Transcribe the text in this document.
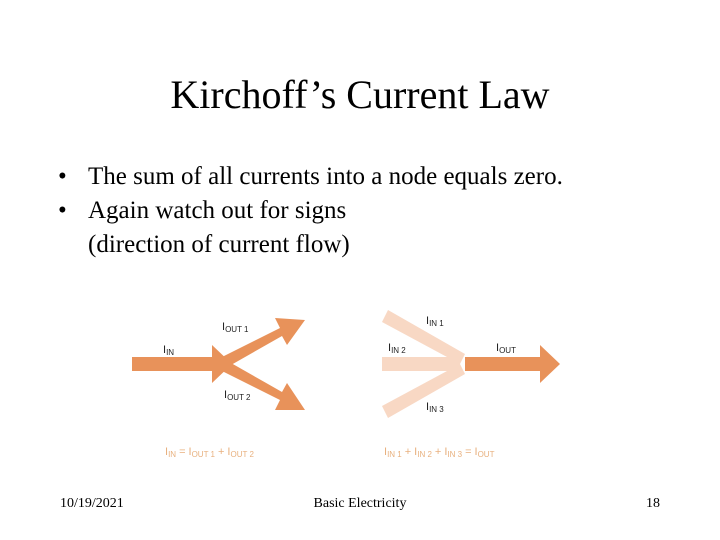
Kirchoff’s Current Law
• The sum of all currents into a node equals zero.
• Again watch out for signs
(direction of current flow)
IIN
IOUT 1
IOUT 2
IIN = IOUT 1 + IOUT 2
IIN 1
IIN 2
IIN 3
IOUT
IIN 1 + IIN 2 + IIN 3 = IOUT
10/19/2021	Basic Electricity	18
